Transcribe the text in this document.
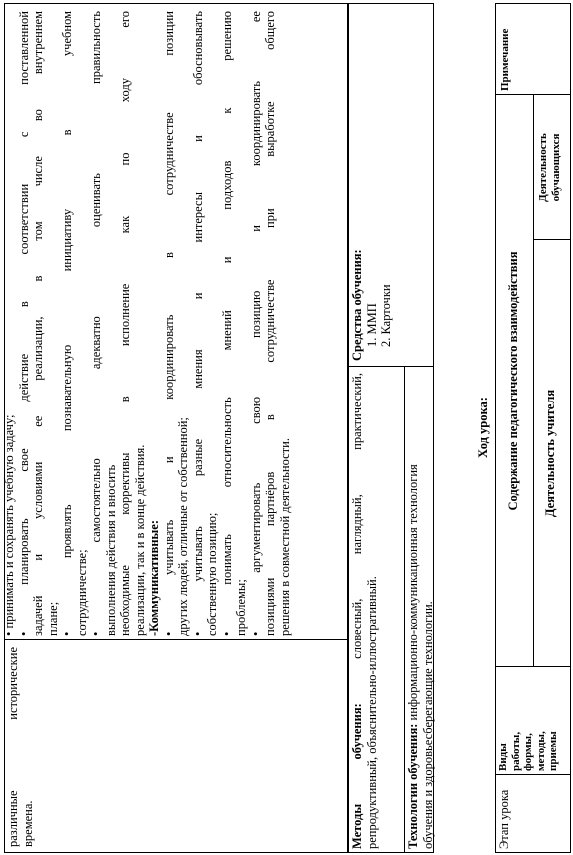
различные исторические времена.
• принимать и сохранять учебную задачу; • планировать свое действие в соответствии с поставленной задачей и условиями ее реализации, в том числе во внутреннем плане;
• проявлять познавательную инициативу в учебном
сотрудничестве;
• самостоятельно адекватно оценивать правильность
выполнения действия и вносить необходимые коррективы в исполнение как по ходу его реализации, так и в конце действия. -Коммуникативные:
• учитывать и координировать в сотрудничестве позиции других людей, отличные от собственной; • учитывать разные мнения и интересы и обосновывать собственную позицию; • понимать относительность мнений и подходов к решению
проблемы;
• аргументировать свою позицию и координировать ее позициями партнёров в сотрудничестве при выработке общего решения в совместной деятельности.
Методы обучения: словесный, наглядный, практический,
репродуктивный, объяснительно-иллюстративный. Технологии обучения: информационно-коммуникационная технология
обучения и здоровьесберегающие технологии.
Средства обучения: 1. ММП 2. Карточки
Ход урока:
Этап урока
Виды работы, формы, методы, приемы
Содержание педагогического взаимодействия Деятельность учителя
Деятельность обучающихся
Примечание
